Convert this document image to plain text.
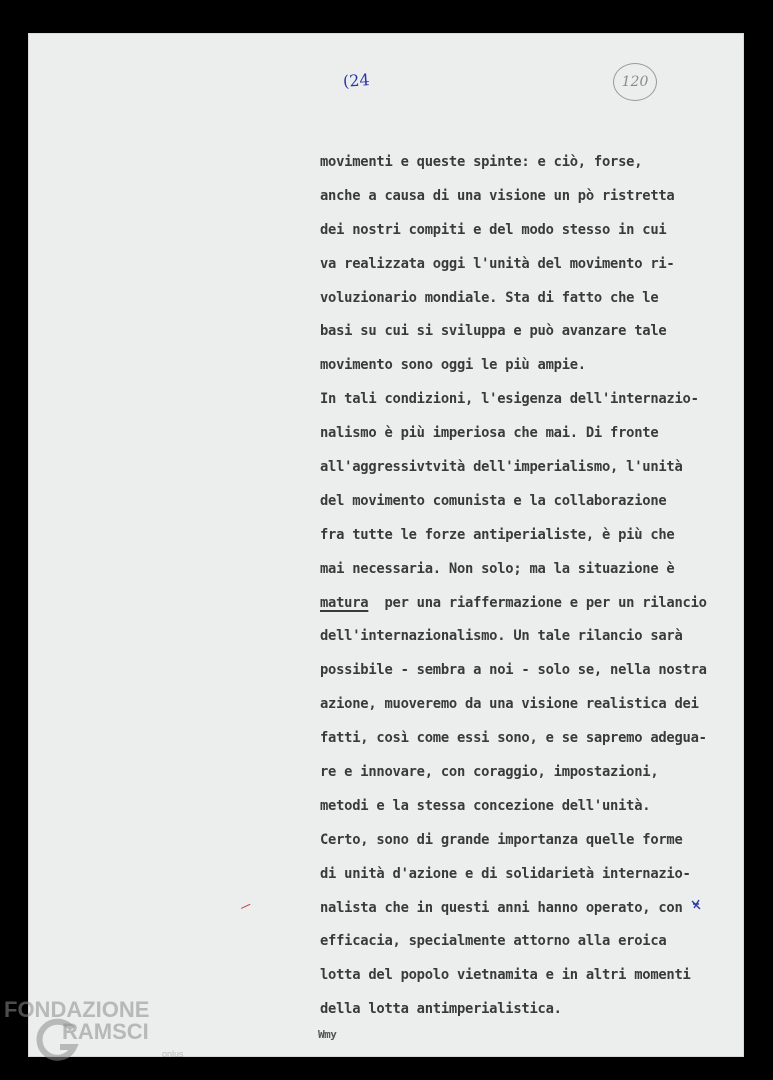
(24	120
movimenti e queste spinte: e ciò, forse,
anche a causa di una visione un pò ristretta
dei nostri compiti e del modo stesso in cui
va realizzata oggi l'unità del movimento ri-
voluzionario mondiale. Sta di fatto che le
basi su cui si sviluppa e può avanzare tale
movimento sono oggi le più ampie.
In tali condizioni, l'esigenza dell'internazio-
nalismo è più imperiosa che mai. Di fronte
all'aggressivtvità dell'imperialismo, l'unità
del movimento comunista e la collaborazione
fra tutte le forze antiperialiste, è più che
mai necessaria. Non solo; ma la situazione è
matura  per una riaffermazione e per un rilancio
dell'internazionalismo. Un tale rilancio sarà
possibile - sembra a noi - solo se, nella nostra
azione, muoveremo da una visione realistica dei
fatti, così come essi sono, e se sapremo adegua-
re e innovare, con coraggio, impostazioni,
metodi e la stessa concezione dell'unità.
Certo, sono di grande importanza quelle forme
di unità d'azione e di solidarietà internazio-
nalista che in questi anni hanno operato, con
efficacia, specialmente attorno alla eroica
lotta del popolo vietnamita e in altri momenti
della lotta antimperialistica.
Wmy
FONDAZIONE
RAMSCI
onlus
